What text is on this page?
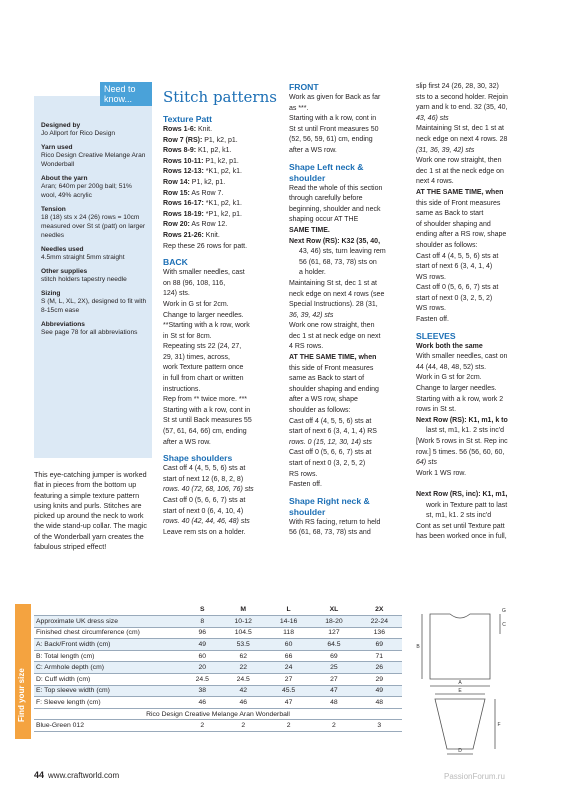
Designed by
Jo Allport for Rico Design
Yarn used
Rico Design Creative Melange Aran Wonderball
About the yarn
Aran; 640m per 200g ball; 51% wool, 49% acrylic
Tension
18 (18) sts x 24 (26) rows = 10cm measured over St st (patt) on larger needles
Needles used
4.5mm straight 5mm straight
Other supplies
stitch holders tapestry needle
Sizing
S (M, L, XL, 2X), designed to fit with 8-15cm ease
Abbreviations
See page 78 for all abbreviations
Need to know...
This eye-catching jumper is worked flat in pieces from the bottom up featuring a simple texture pattern using knits and purls. Stitches are picked up around the neck to work the wide stand-up collar. The magic of the Wonderball yarn creates the fabulous striped effect!
Stitch patterns
Texture Patt
Rows 1-6: Knit.
Row 7 (RS): P1, k2, p1.
Rows 8-9: K1, p2, k1.
Rows 10-11: P1, k2, p1.
Rows 12-13: *K1, p2, k1.
Row 14: P1, k2, p1.
Row 15: As Row 7.
Rows 16-17: *K1, p2, k1.
Rows 18-19: *P1, k2, p1.
Row 20: As Row 12.
Rows 21-26: Knit.
Rep these 26 rows for patt.
BACK
With smaller needles, cast
on 88 (96, 108, 116,
124) sts.
Work in G st for 2cm.
Change to larger needles.
**Starting with a k row, work
in St st for 8cm.
Repeating sts 22 (24, 27,
29, 31) times, across,
work Texture pattern once
in full from chart or written
instructions.
Rep from ** twice more. ***
Starting with a k row, cont in
St st until Back measures 55
(57, 61, 64, 66) cm, ending
after a WS row.
Shape shoulders
Cast off 4 (4, 5, 5, 6) sts at
start of next 12 (6, 8, 2, 8)
rows. 40 (72, 68, 106, 76) sts
Cast off 0 (5, 6, 6, 7) sts at
start of next 0 (6, 4, 10, 4)
rows. 40 (42, 44, 46, 48) sts
Leave rem sts on a holder.
FRONT
Work as given for Back as far
as ***.
Starting with a k row, cont in
St st until Front measures 50
(52, 56, 59, 61) cm, ending
after a WS row.
Shape Left neck & shoulder
Read the whole of this section
through carefully before
beginning, shoulder and neck
shaping occur AT THE
SAME TIME.
Next Row (RS): K32 (35, 40,
43, 46) sts, turn leaving rem
56 (61, 68, 73, 78) sts on
a holder.
Maintaining St st, dec 1 st at
neck edge on next 4 rows (see
Special Instructions). 28 (31,
36, 39, 42) sts
Work one row straight, then
dec 1 st at neck edge on next
4 RS rows.
AT THE SAME TIME, when
this side of Front measures
same as Back to start of
shoulder shaping and ending
after a WS row, shape
shoulder as follows:
Cast off 4 (4, 5, 5, 6) sts at
start of next 6 (3, 4, 1, 4) RS
rows. 0 (15, 12, 30, 14) sts
Cast off 0 (5, 6, 6, 7) sts at
start of next 0 (3, 2, 5, 2)
RS rows.
Fasten off.
Shape Right neck & shoulder
With RS facing, return to held
56 (61, 68, 73, 78) sts and
slip first 24 (26, 28, 30, 32)
sts to a second holder. Rejoin
yarn and k to end. 32 (35, 40,
43, 46) sts
Maintaining St st, dec 1 st at
neck edge on next 4 rows. 28
(31, 36, 39, 42) sts
Work one row straight, then
dec 1 st at the neck edge on
next 4 rows.
AT THE SAME TIME, when
this side of Front measures
same as Back to start
of shoulder shaping and
ending after a RS row, shape
shoulder as follows:
Cast off 4 (4, 5, 5, 6) sts at
start of next 6 (3, 4, 1, 4)
WS rows.
Cast off 0 (5, 6, 6, 7) sts at
start of next 0 (3, 2, 5, 2)
WS rows.
Fasten off.
SLEEVES
Work both the same
With smaller needles, cast on
44 (44, 48, 48, 52) sts.
Work in G st for 2cm.
Change to larger needles.
Starting with a k row, work 2
rows in St st.
Next Row (RS): K1, m1, k to
last st, m1, k1. 2 sts inc'd
[Work 5 rows in St st. Rep inc
row.] 5 times. 56 (56, 60, 60,
64) sts
Work 1 WS row.
Next Row (RS, inc): K1, m1,
work in Texture patt to last
st, m1, k1. 2 sts inc'd
Cont as set until Texture patt
has been worked once in full,
Find your size
	S	M	L	XL	2X
Approximate UK dress size	8	10-12	14-16	18-20	22-24
Finished chest circumference (cm)	96	104.5	118	127	136
A: Back/Front width (cm)	49	53.5	60	64.5	69
B: Total length (cm)	60	62	66	69	71
C: Armhole depth (cm)	20	22	24	25	26
D: Cuff width (cm)	24.5	24.5	27	27	29
E: Top sleeve width (cm)	38	42	45.5	47	49
F: Sleeve length (cm)	46	46	47	48	48
Rico Design Creative Melange Aran Wonderball					
Blue-Green 012	2	2	2	2	3
B
A
C
D
E
F
G
44 www.craftworld.com	PassionForum.ru
